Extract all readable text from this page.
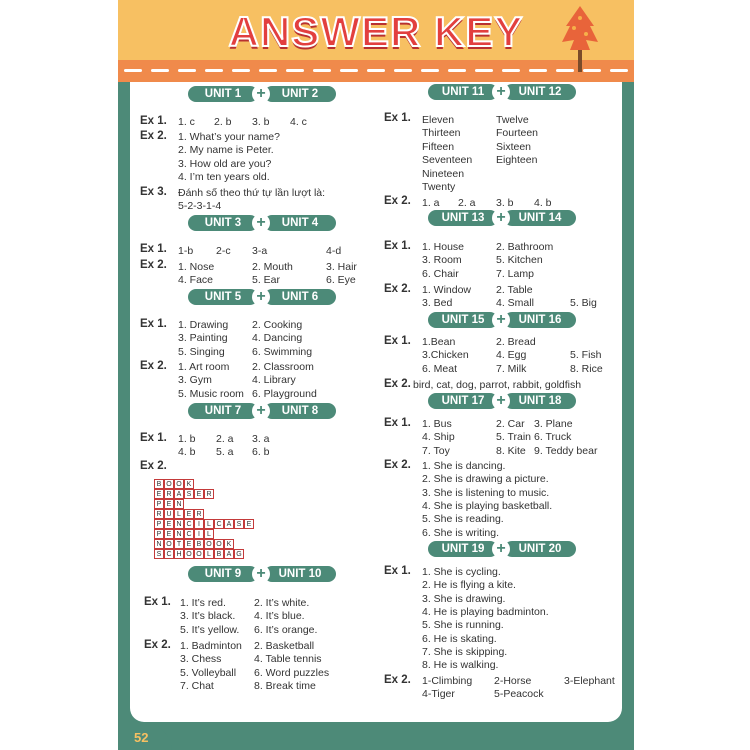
ANSWER KEY
UNIT 1	UNIT 2
+
Ex 1. 1. c 2. b 3. b 4. c
Ex 2. 1. What’s your name?
2. My name is Peter.
3. How old are you?
4. I’m ten years old.
Ex 3. Đánh số theo thứ tự lần lượt là:
5-2-3-1-4
UNIT 3	UNIT 4
+
Ex 1. 1-b 2-c 3-a	4-d
Ex 2. 1. Nose	2. Mouth	3. Hair
4. Face	5. Ear	6. Eye
UNIT 5	UNIT 6
+
Ex 1. 1. Drawing 2. Cooking
3. Painting 4. Dancing
5. Singing	6. Swimming
Ex 2. 1. Art room 2. Classroom
3. Gym	4. Library
5. Music room 6. Playground
UNIT 7	UNIT 8
+
Ex 1. 1. b 2. a 3. a
4. b 5. a 6. b
Ex 2.
B O O K
E R A S E R
P E N
R U L E R
P E N C I	L C A S E
P E N C I	L
N O T E B O O K
S C H O O L B A G
UNIT 9	UNIT 10
+
Ex 1. 1. It’s red.	2. It’s white.
3. It’s black. 4. It’s blue.
5. It’s yellow. 6. It’s orange.
Ex 2. 1. Badminton 2. Basketball
3. Chess	4. Table tennis
5. Volleyball 6. Word puzzles
7. Chat	8. Break time
UNIT 11	UNIT 12
+
Ex 1. Eleven	Twelve
Thirteen	Fourteen
Fifteen	Sixteen
Seventeen Eighteen
Nineteen
Twenty
Ex 2. 1. a 2. a 3. b 4. b
UNIT 13	UNIT 14
+
Ex 1. 1. House	2. Bathroom
3. Room	5. Kitchen
6. Chair	7. Lamp
Ex 2. 1. Window 2. Table
3. Bed	4. Small	5. Big
UNIT 15	UNIT 16
+
Ex 1. 1.Bean	2. Bread
3.Chicken	4. Egg	5. Fish
6. Meat	7. Milk	8. Rice
Ex 2. bird, cat, dog, parrot, rabbit, goldfish
UNIT 17	UNIT 18
+
Ex 1. 1. Bus	2. Car 3. Plane
4. Ship	5. Train 6. Truck
7. Toy	8. Kite 9. Teddy bear
Ex 2. 1. She is dancing.
2. She is drawing a picture.
3. She is listening to music.
4. She is playing basketball.
5. She is reading.
6. She is writing.
UNIT 19	UNIT 20
+
Ex 1. 1. She is cycling.
2. He is flying a kite.
3. She is drawing.
4. He is playing badminton.
5. She is running.
6. He is skating.
7. She is skipping.
8. He is walking.
Ex 2. 1-Climbing 2-Horse	3-Elephant
4-Tiger	5-Peacock
52
